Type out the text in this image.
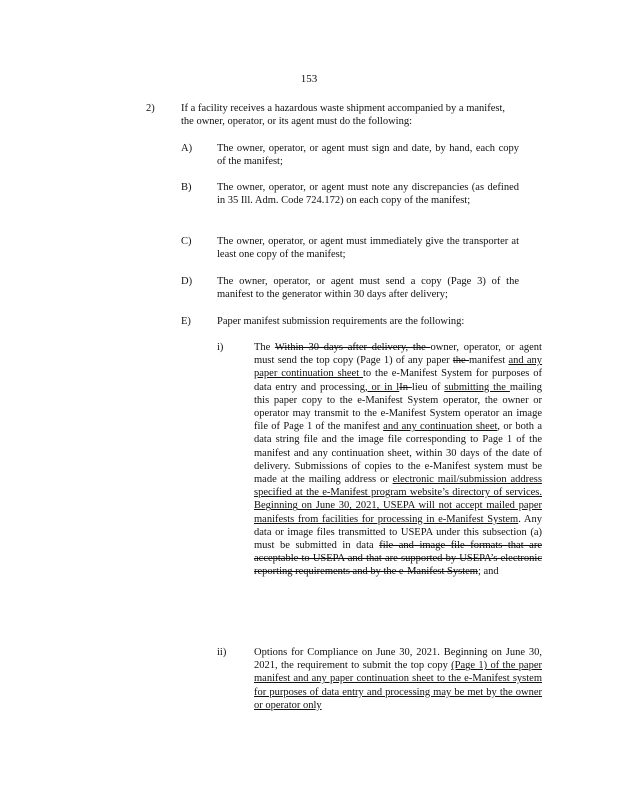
153
2)	If a facility receives a hazardous waste shipment accompanied by a manifest, the owner, operator, or its agent must do the following:
A) The owner, operator, or agent must sign and date, by hand, each copy of the manifest;
B) The owner, operator, or agent must note any discrepancies (as defined in 35 Ill. Adm. Code 724.172) on each copy of the manifest;
C) The owner, operator, or agent must immediately give the transporter at least one copy of the manifest;
D) The owner, operator, or agent must send a copy (Page 3) of the manifest to the generator within 30 days after delivery;
E) Paper manifest submission requirements are the following:
i)	The Within 30 days after delivery, the owner, operator, or agent must send the top copy (Page 1) of any paper the manifest and any paper continuation sheet to the e-Manifest System for purposes of data entry and processing, or in lIn lieu of submitting the mailing this paper copy to the e-Manifest System operator, the owner or operator may transmit to the e-Manifest System operator an image file of Page 1 of the manifest and any continuation sheet, or both a data string file and the image file corresponding to Page 1 of the manifest and any continuation sheet, within 30 days of the date of delivery. Submissions of copies to the e-Manifest system must be made at the mailing address or electronic mail/submission address specified at the e-Manifest program website’s directory of services. Beginning on June 30, 2021, USEPA will not accept mailed paper manifests from facilities for processing in e-Manifest System. Any data or image files transmitted to USEPA under this subsection (a) must be submitted in data file and image file formats that are acceptable to USEPA and that are supported by USEPA’s electronic reporting requirements and by the e-Manifest System; and
ii)	Options for Compliance on June 30, 2021. Beginning on June 30, 2021, the requirement to submit the top copy (Page 1) of the paper manifest and any paper continuation sheet to the e-Manifest system for purposes of data entry and processing may be met by the owner or operator only
